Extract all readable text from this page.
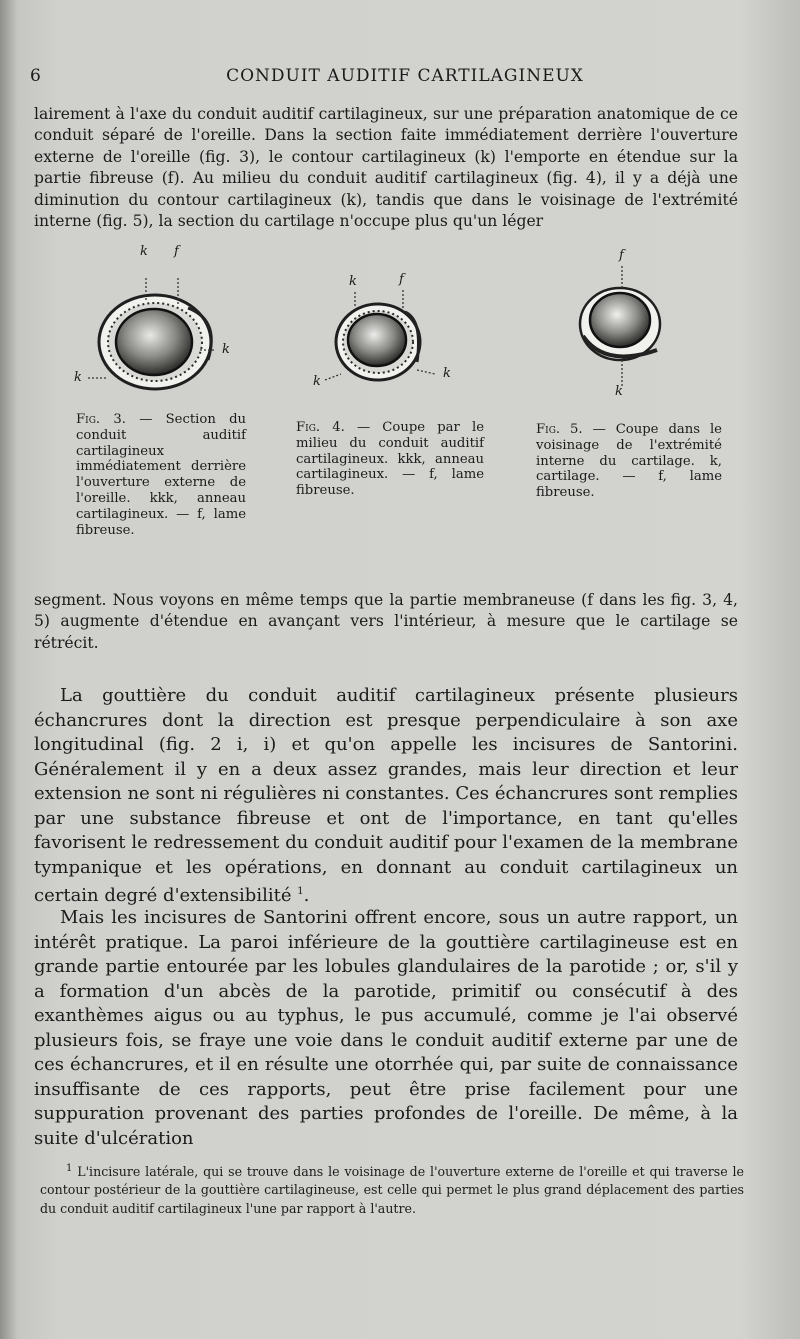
6	CONDUIT AUDITIF CARTILAGINEUX

lairement à l'axe du conduit auditif cartilagineux, sur une préparation anatomique de ce conduit séparé de l'oreille. Dans la section faite immédiatement derrière l'ouverture externe de l'oreille (fig. 3), le contour cartilagineux (k) l'emporte en étendue sur la partie fibreuse (f). Au milieu du conduit auditif cartilagineux (fig. 4), il y a déjà une diminution du contour cartilagineux (k), tandis que dans le voisinage de l'extrémité interne (fig. 5), la section du cartilage n'occupe plus qu'un léger

k f
k
k
k	f
k
k
f
k
Fig. 3. — Section du conduit auditif cartilagineux immédiatement derrière l'ouverture externe de l'oreille. kkk, anneau cartilagineux. — f, lame fibreuse.
Fig. 4. — Coupe par le milieu du conduit auditif cartilagineux. kkk, anneau cartilagineux. — f, lame fibreuse.
Fig. 5. — Coupe dans le voisinage de l'extrémité interne du cartilage. k, cartilage. — f, lame fibreuse.

segment. Nous voyons en même temps que la partie membraneuse (f dans les fig. 3, 4, 5) augmente d'étendue en avançant vers l'intérieur, à mesure que le cartilage se rétrécit.

La gouttière du conduit auditif cartilagineux présente plusieurs échancrures dont la direction est presque perpendiculaire à son axe longitudinal (fig. 2 i, i) et qu'on appelle les incisures de Santorini. Généralement il y en a deux assez grandes, mais leur direction et leur extension ne sont ni régulières ni constantes. Ces échancrures sont remplies par une substance fibreuse et ont de l'importance, en tant qu'elles favorisent le redressement du conduit auditif pour l'examen de la membrane tympanique et les opérations, en donnant au conduit cartilagineux un certain degré d'extensibilité $^1$.

Mais les incisures de Santorini offrent encore, sous un autre rapport, un intérêt pratique. La paroi inférieure de la gouttière cartilagineuse est en grande partie entourée par les lobules glandulaires de la parotide ; or, s'il y a formation d'un abcès de la parotide, primitif ou consécutif à des exanthèmes aigus ou au typhus, le pus accumulé, comme je l'ai observé plusieurs fois, se fraye une voie dans le conduit auditif externe par une de ces échancrures, et il en résulte une otorrhée qui, par suite de connaissance insuffisante de ces rapports, peut être prise facilement pour une suppuration provenant des parties profondes de l'oreille. De même, à la suite d'ulcération

$^1$ L'incisure latérale, qui se trouve dans le voisinage de l'ouverture externe de l'oreille et qui traverse le contour postérieur de la gouttière cartilagineuse, est celle qui permet le plus grand déplacement des parties du conduit auditif cartilagineux l'une par rapport à l'autre.
